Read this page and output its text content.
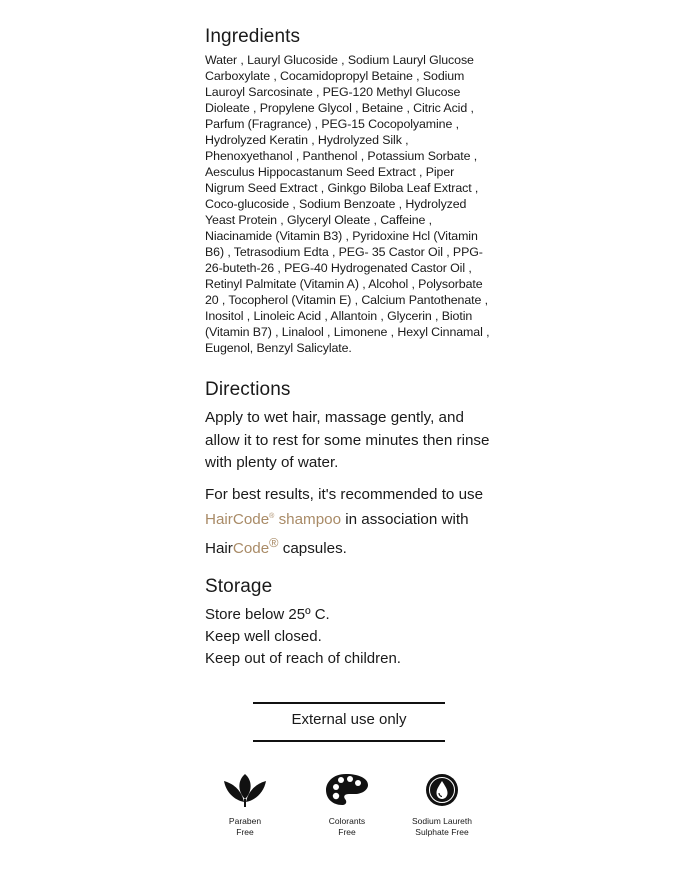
Ingredients

Water , Lauryl Glucoside , Sodium Lauryl Glucose Carboxylate , Cocamidopropyl Betaine , Sodium Lauroyl Sarcosinate , PEG-120 Methyl Glucose Dioleate , Propylene Glycol , Betaine , Citric Acid , Parfum (Fragrance) , PEG-15 Cocopolyamine , Hydrolyzed Keratin , Hydrolyzed Silk , Phenoxyethanol , Panthenol , Potassium Sorbate , Aesculus Hippocastanum Seed Extract , Piper Nigrum Seed Extract , Ginkgo Biloba Leaf Extract , Coco-glucoside , Sodium Benzoate , Hydrolyzed Yeast Protein , Glyceryl Oleate , Caffeine , Niacinamide (Vitamin B3) , Pyridoxine Hcl (Vitamin B6) , Tetrasodium Edta , PEG- 35 Castor Oil , PPG-26-buteth-26 , PEG-40 Hydrogenated Castor Oil , Retinyl Palmitate (Vitamin A) , Alcohol , Polysorbate 20 , Tocopherol (Vitamin E) , Calcium Pantothenate , Inositol , Linoleic Acid , Allantoin , Glycerin , Biotin (Vitamin B7) , Linalool , Limonene , Hexyl Cinnamal , Eugenol, Benzyl Salicylate.

Directions

Apply to wet hair, massage gently, and allow it to rest for some minutes then rinse with plenty of water.

For best results, it's recommended to use HairCode® shampoo in association with HairCode® capsules.

Storage

Store below 25º C.

Keep well closed.

Keep out of reach of children.

External use only
Paraben
Free
Colorants
Free
Sodium Laureth
Sulphate Free
